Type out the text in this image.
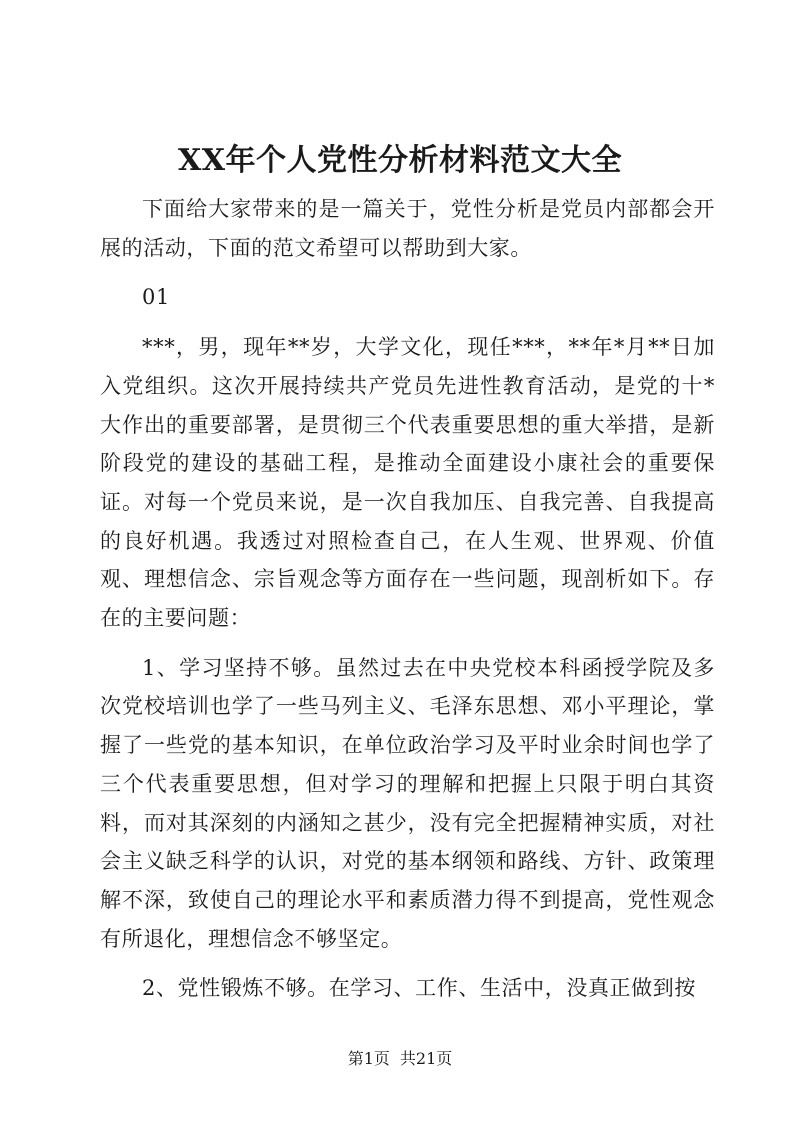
XX年个人党性分析材料范文大全

下面给大家带来的是一篇关于，党性分析是党员内部都会开展的活动，下面的范文希望可以帮助到大家。

01

***，男，现年**岁，大学文化，现任***，**年*月**日加入党组织。这次开展持续共产党员先进性教育活动，是党的十*大作出的重要部署，是贯彻三个代表重要思想的重大举措，是新阶段党的建设的基础工程，是推动全面建设小康社会的重要保证。对每一个党员来说，是一次自我加压、自我完善、自我提高的良好机遇。我透过对照检查自己，在人生观、世界观、价值观、理想信念、宗旨观念等方面存在一些问题，现剖析如下。存在的主要问题：

1、学习坚持不够。虽然过去在中央党校本科函授学院及多次党校培训也学了一些马列主义、毛泽东思想、邓小平理论，掌握了一些党的基本知识，在单位政治学习及平时业余时间也学了三个代表重要思想，但对学习的理解和把握上只限于明白其资料，而对其深刻的内涵知之甚少，没有完全把握精神实质，对社会主义缺乏科学的认识，对党的基本纲领和路线、方针、政策理解不深，致使自己的理论水平和素质潜力得不到提高，党性观念有所退化，理想信念不够坚定。

2、党性锻炼不够。在学习、工作、生活中，没真正做到按

第1页 共21页
